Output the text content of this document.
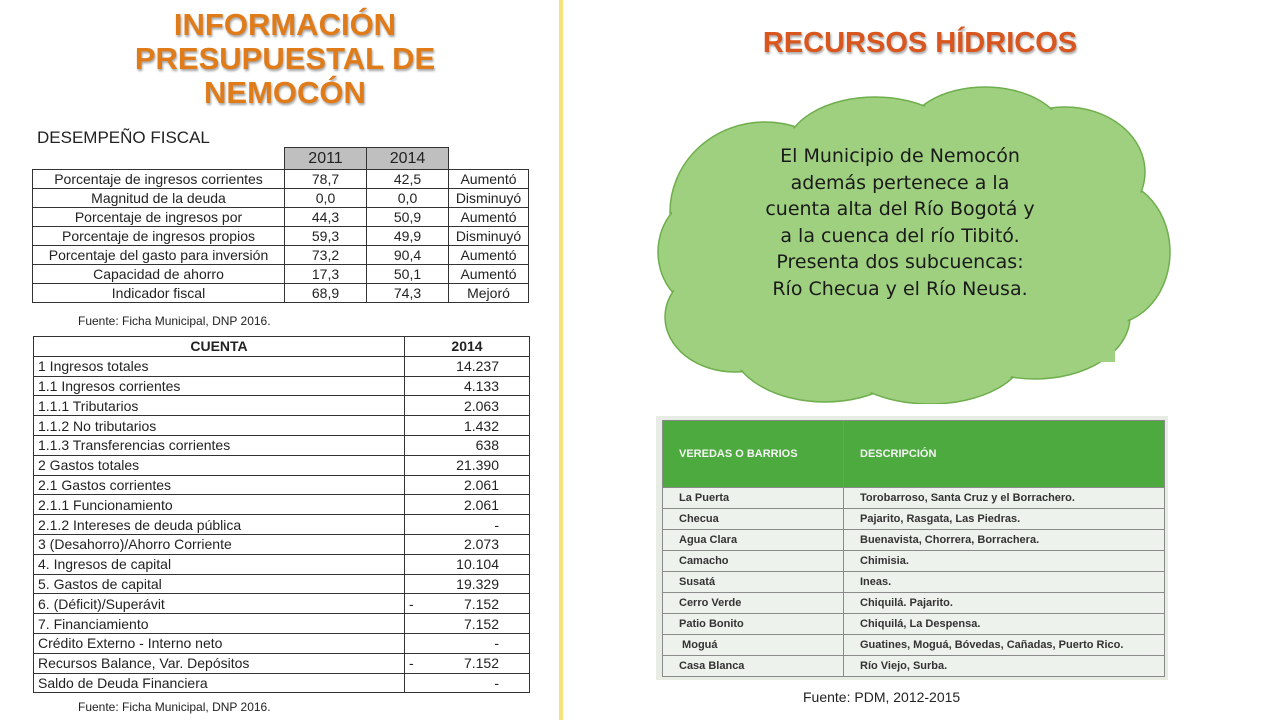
INFORMACIÓN
PRESUPUESTAL DE
NEMOCÓN
DESEMPEÑO FISCAL
	2011	2014	
Porcentaje de ingresos corrientes	78,7	42,5	Aumentó
Magnitud de la deuda	0,0	0,0	Disminuyó
Porcentaje de ingresos por	44,3	50,9	Aumentó
Porcentaje de ingresos propios	59,3	49,9	Disminuyó
Porcentaje del gasto para inversión	73,2	90,4	Aumentó
Capacidad de ahorro	17,3	50,1	Aumentó
Indicador fiscal	68,9	74,3	Mejoró
Fuente: Ficha Municipal, DNP 2016.
CUENTA	2014
1 Ingresos totales	14.237
1.1 Ingresos corrientes	4.133
1.1.1 Tributarios	2.063
1.1.2 No tributarios	1.432
1.1.3 Transferencias corrientes	638
2 Gastos totales	21.390
2.1 Gastos corrientes	2.061
2.1.1 Funcionamiento	2.061
2.1.2 Intereses de deuda pública	-
3 (Desahorro)/Ahorro Corriente	2.073
4. Ingresos de capital	10.104
5. Gastos de capital	19.329
6. (Déficit)/Superávit	- 7.152
7. Financiamiento	7.152
Crédito Externo - Interno neto	-
Recursos Balance, Var. Depósitos	- 7.152
Saldo de Deuda Financiera	-
Fuente: Ficha Municipal, DNP 2016.
RECURSOS HÍDRICOS
El Municipio de Nemocón
además pertenece a la
cuenta alta del Río Bogotá y
a la cuenca del río Tibitó.
Presenta dos subcuencas:
Río Checua y el Río Neusa.
VEREDAS O BARRIOS	DESCRIPCIÓN
La Puerta	Torobarroso, Santa Cruz y el Borrachero.
Checua	Pajarito, Rasgata, Las Piedras.
Agua Clara	Buenavista, Chorrera, Borrachera.
Camacho	Chimisia.
Susatá	Ineas.
Cerro Verde	Chiquilá. Pajarito.
Patio Bonito	Chiquilá, La Despensa.
Moguá	Guatines, Moguá, Bóvedas, Cañadas, Puerto Rico.
Casa Blanca	Río Viejo, Surba.
Fuente: PDM, 2012-2015
